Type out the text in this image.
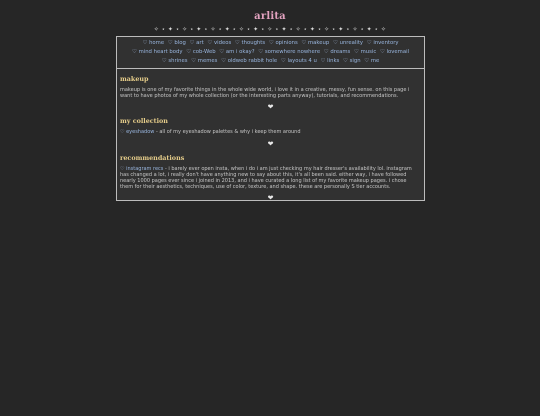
arlita
✧ ⋆ ✦ ⋆ ✧ ⋆ ✦ ⋆ ✧ ⋆ ✦ ⋆ ✧ ⋆ ✦ ⋆ ✧ ⋆ ✦ ⋆ ✧ ⋆ ✦ ⋆ ✧ ⋆ ✦ ⋆ ✧ ⋆ ✦ ⋆ ✧
♡ home ♡ blog ♡ art ♡ videos ♡ thoughts ♡ opinions ♡ makeup ♡ unreality ♡ inventory
♡ mind heart body ♡ cob-Web ♡ am i okay? ♡ somewhere nowhere ♡ dreams ♡ music ♡ lovemail
♡ shrines ♡ memes ♡ oldweb rabbit hole ♡ layouts 4 u ♡ links ♡ sign ♡ me
makeup
makeup is one of my favorite things in the whole wide world, i love it in a creative, messy, fun sense. on this page i want to have photos of my whole collection (or the interesting parts anyway), tutorials, and recommendations.
❤
my collection
♡ eyeshadow - all of my eyeshadow palettes & why i keep them around
❤
recommendations
♡ instagram recs - i barely ever open insta, when i do i am just checking my hair dresser's availability lol. instagram has changed a lot, i really don't have anything new to say about this, it's all been said. either way, i have followed nearly 1000 pages ever since i joined in 2013, and i have curated a long list of my favorite makeup pages. i chose them for their aesthetics, techniques, use of color, texture, and shape. these are personally S tier accounts.
❤
